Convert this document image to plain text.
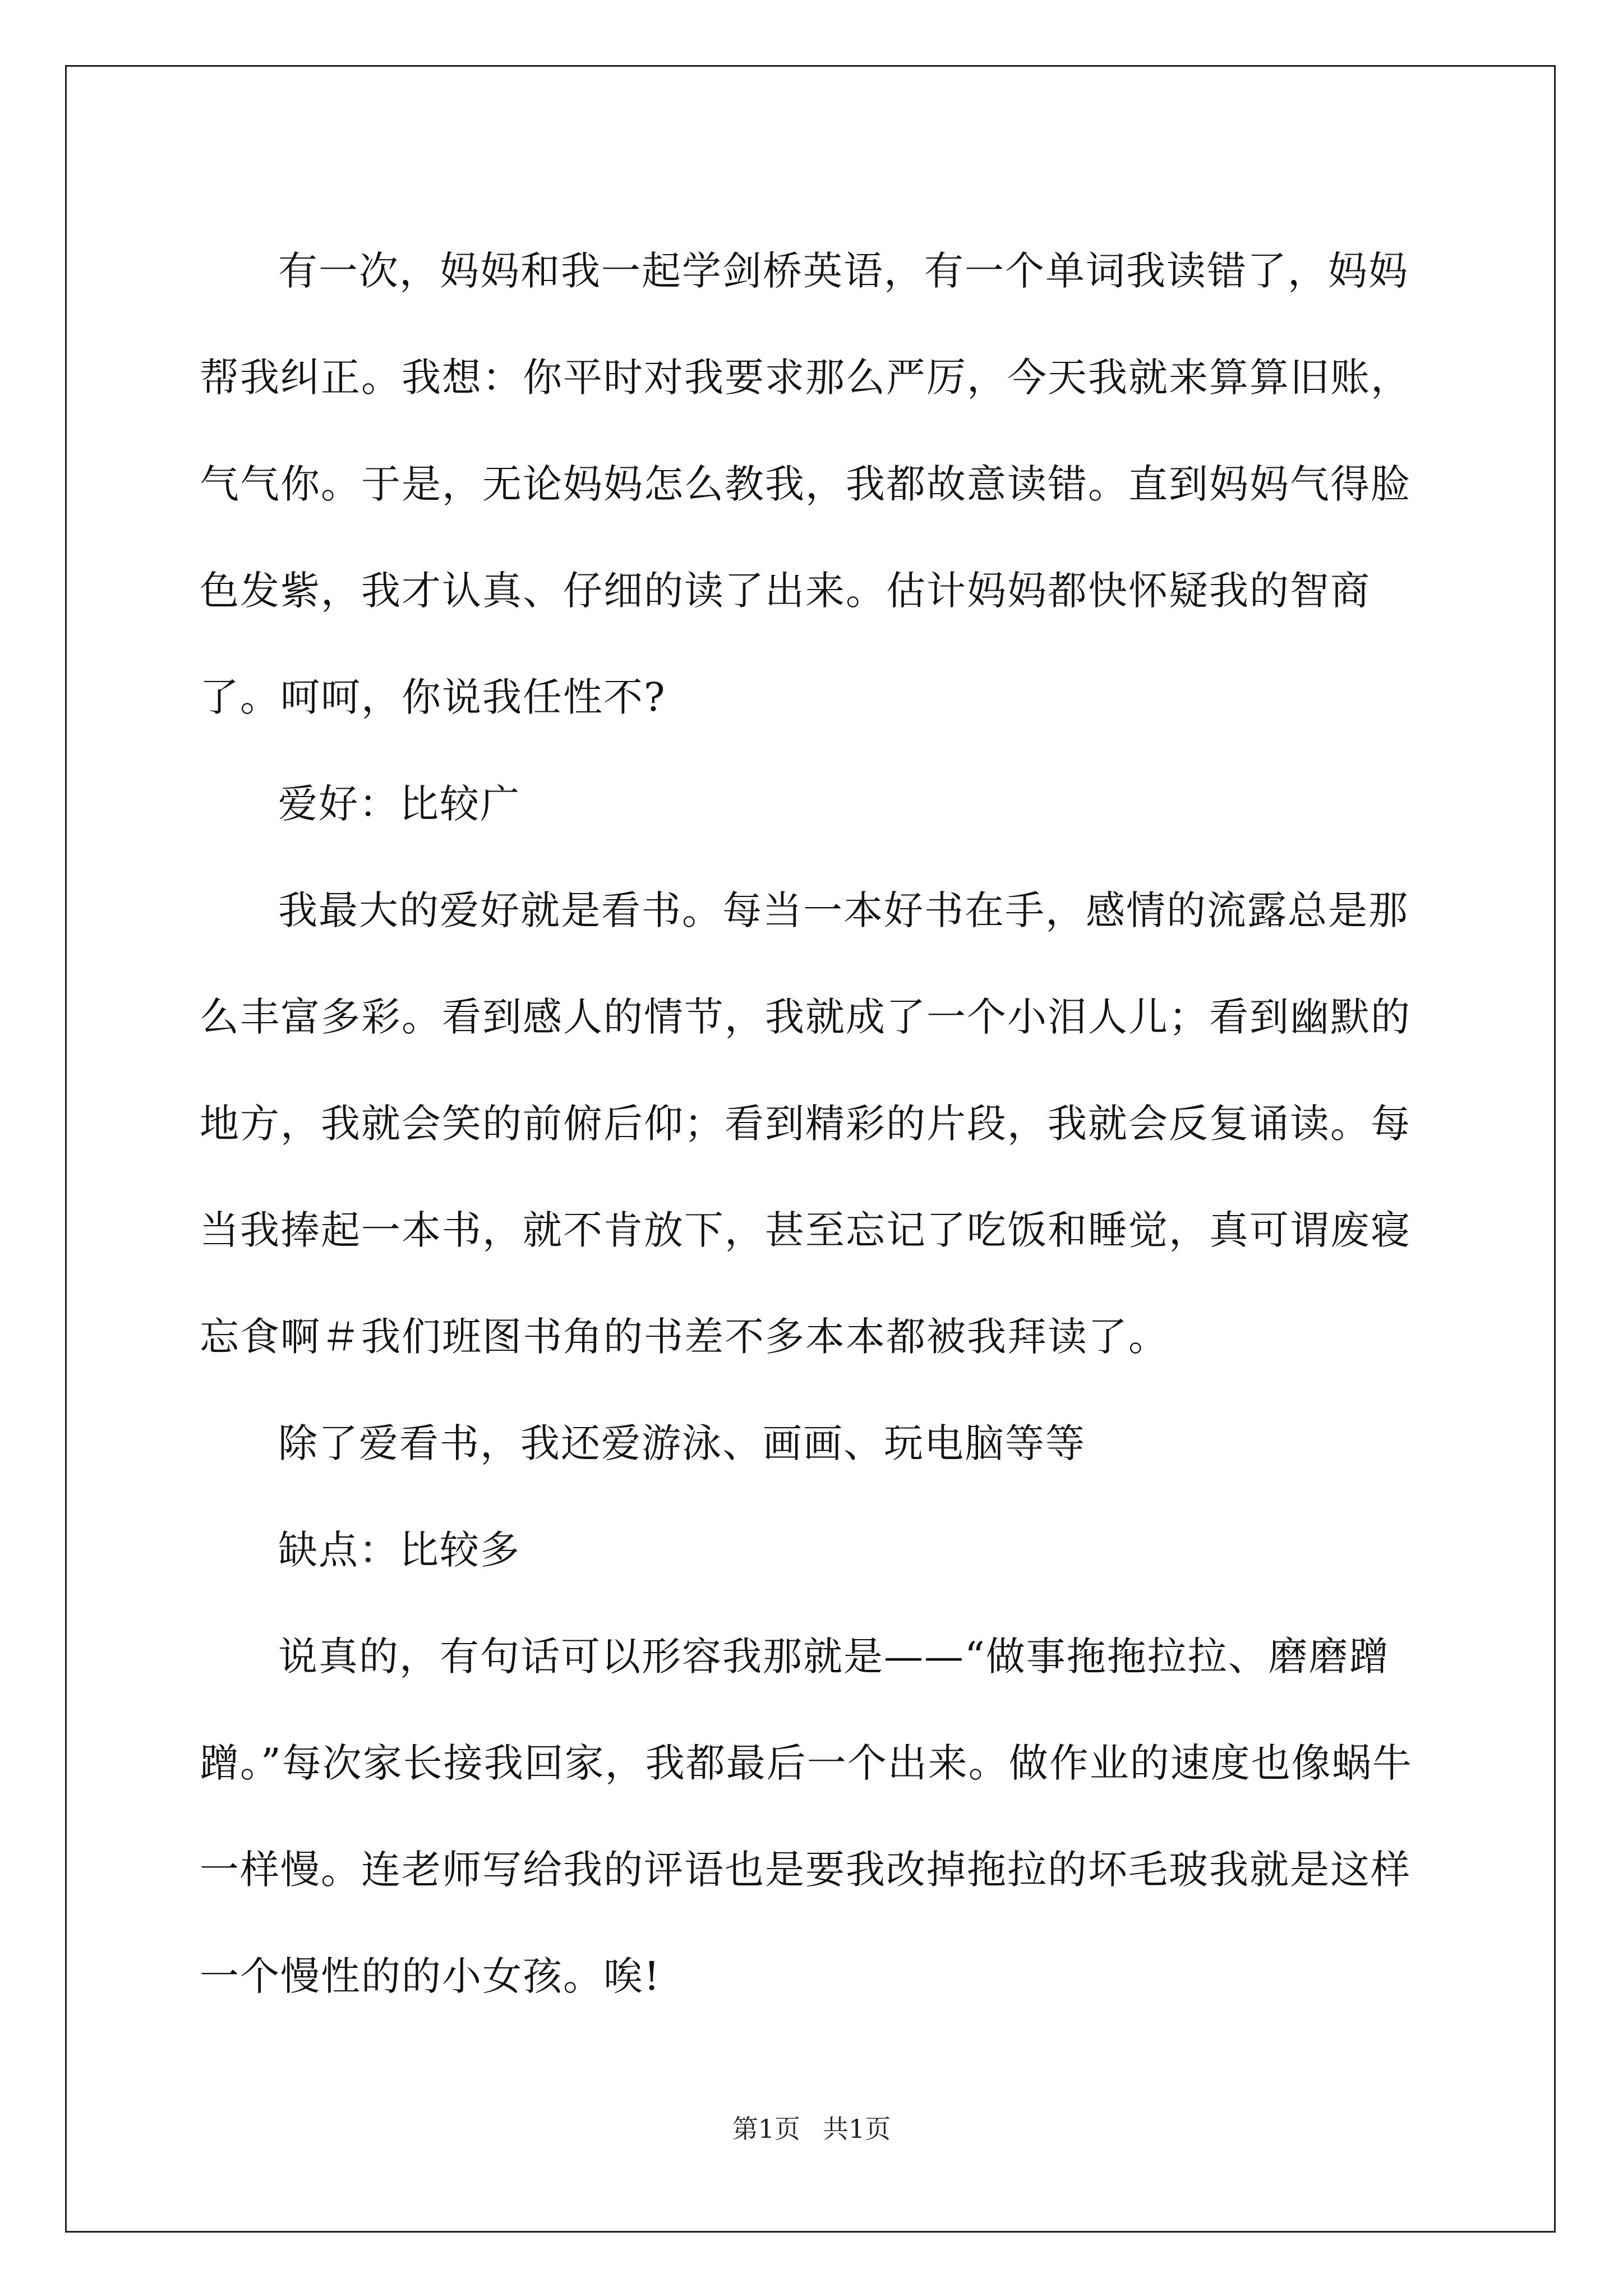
有一次，妈妈和我一起学剑桥英语，有一个单词我读错了，妈妈帮我纠正。我想：你平时对我要求那么严厉，今天我就来算算旧账，气气你。于是，无论妈妈怎么教我，我都故意读错。直到妈妈气得脸色发紫，我才认真、仔细的读了出来。估计妈妈都快怀疑我的智商了。呵呵，你说我任性不?

爱好：比较广

我最大的爱好就是看书。每当一本好书在手，感情的流露总是那么丰富多彩。看到感人的情节，我就成了一个小泪人儿；看到幽默的地方，我就会笑的前俯后仰；看到精彩的片段，我就会反复诵读。每当我捧起一本书，就不肯放下，甚至忘记了吃饭和睡觉，真可谓废寝忘食啊＃我们班图书角的书差不多本本都被我拜读了。

除了爱看书，我还爱游泳、画画、玩电脑等等

缺点：比较多

说真的，有句话可以形容我那就是——“做事拖拖拉拉、磨磨蹭蹭。”每次家长接我回家，我都最后一个出来。做作业的速度也像蜗牛一样慢。连老师写给我的评语也是要我改掉拖拉的坏毛玻我就是这样一个慢性的的小女孩。唉!

第1页 共1页
